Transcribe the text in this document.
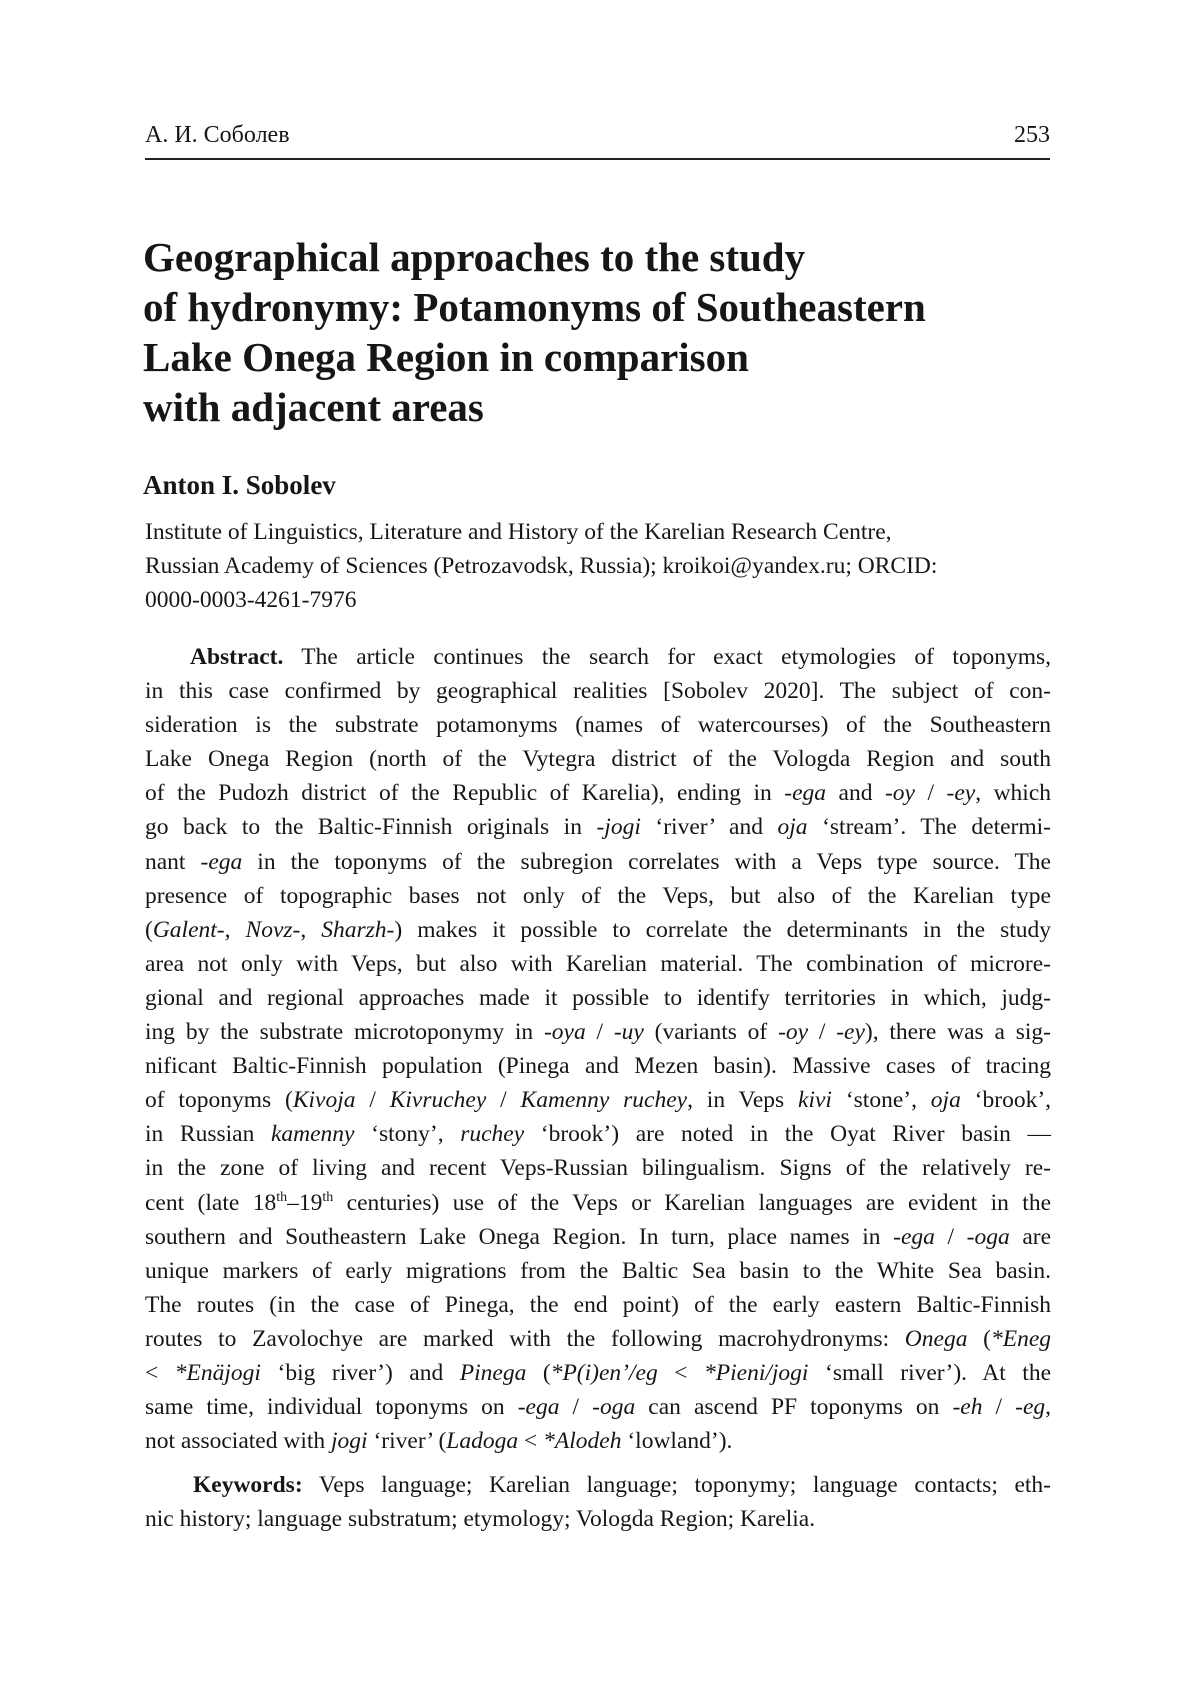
А. И. Соболев	253
Geographical approaches to the study
of hydronymy: Potamonyms of Southeastern
Lake Onega Region in comparison
with adjacent areas

Anton I. Sobolev

Institute of Linguistics, Literature and History of the Karelian Research Centre,
Russian Academy of Sciences (Petrozavodsk, Russia); kroikoi@yandex.ru; ORCID:
0000-0003-4261-7976

Abstract. The article continues the search for exact etymologies of toponyms,
in this case confirmed by geographical realities [Sobolev 2020]. The subject of con-
sideration is the substrate potamonyms (names of watercourses) of the Southeastern
Lake Onega Region (north of the Vytegra district of the Vologda Region and south
of the Pudozh district of the Republic of Karelia), ending in -ega and -oy / -ey, which
go back to the Baltic-Finnish originals in -jogi ‘river’ and oja ‘stream’. The determi-
nant -ega in the toponyms of the subregion correlates with a Veps type source. The
presence of topographic bases not only of the Veps, but also of the Karelian type
(Galent-, Novz-, Sharzh-) makes it possible to correlate the determinants in the study
area not only with Veps, but also with Karelian material. The combination of microre-
gional and regional approaches made it possible to identify territories in which, judg-
ing by the substrate microtoponymy in -oya / -uy (variants of -oy / -ey), there was a sig-
nificant Baltic-Finnish population (Pinega and Mezen basin). Massive cases of tracing
of toponyms (Kivoja / Kivruchey / Kamenny ruchey, in Veps kivi ‘stone’, oja ‘brook’,
in Russian kamenny ‘stony’, ruchey ‘brook’) are noted in the Oyat River basin —
in the zone of living and recent Veps-Russian bilingualism. Signs of the relatively re-
cent (late 18th–19th centuries) use of the Veps or Karelian languages are evident in the
southern and Southeastern Lake Onega Region. In turn, place names in -ega / -oga are
unique markers of early migrations from the Baltic Sea basin to the White Sea basin.
The routes (in the case of Pinega, the end point) of the early eastern Baltic-Finnish
routes to Zavolochye are marked with the following macrohydronyms: Onega (*Eneg
< *Enäjogi ‘big river’) and Pinega (*P(i)en’/eg < *Pieni/jogi ‘small river’). At the
same time, individual toponyms on -ega / -oga can ascend PF toponyms on -eh / -eg,
not associated with jogi ‘river’ (Ladoga < *Alodeh ‘lowland’).
Keywords: Veps language; Karelian language; toponymy; language contacts; eth-
nic history; language substratum; etymology; Vologda Region; Karelia.
